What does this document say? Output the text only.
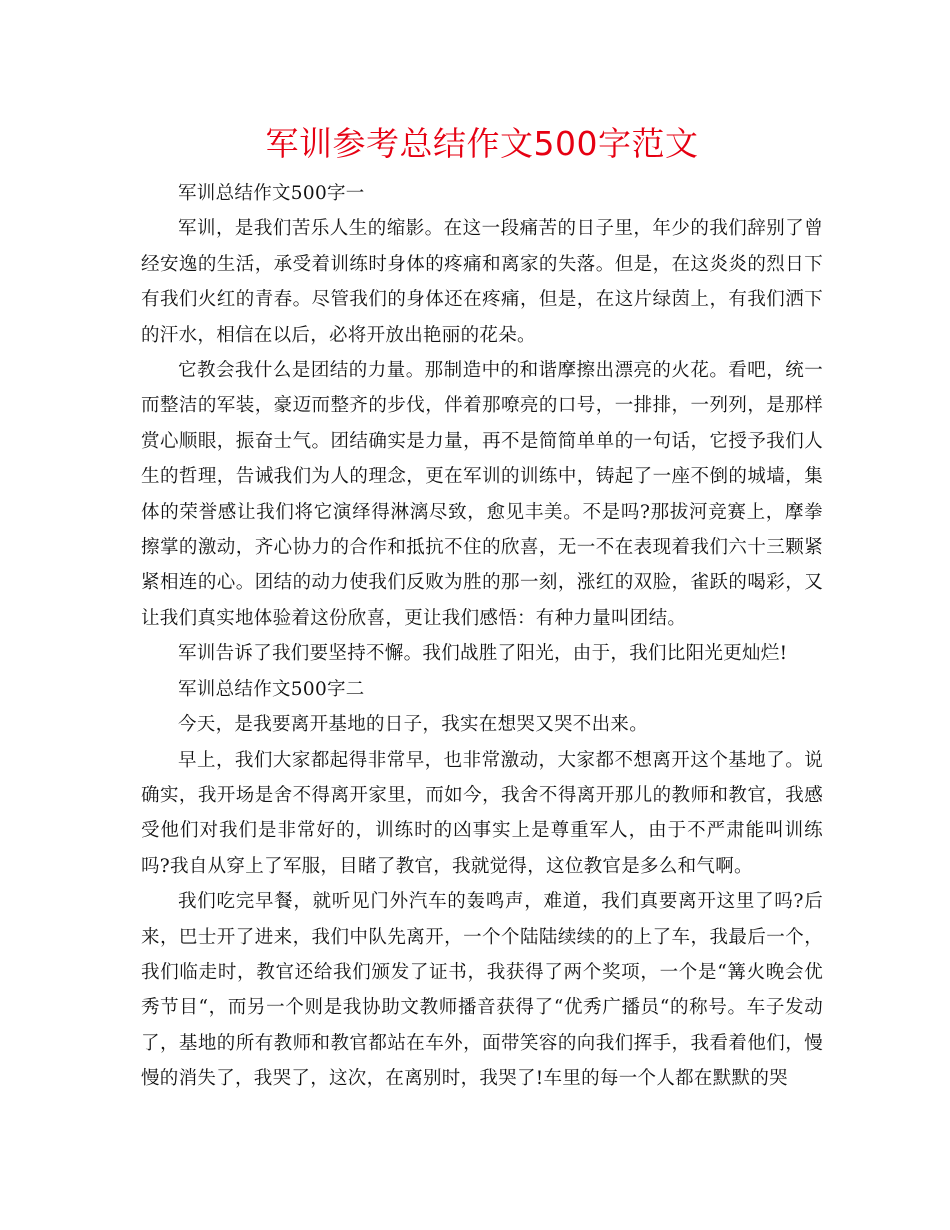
军训参考总结作文500字范文

军训总结作文500字一

军训，是我们苦乐人生的缩影。在这一段痛苦的日子里，年少的我们辞别了曾经安逸的生活，承受着训练时身体的疼痛和离家的失落。但是，在这炎炎的烈日下有我们火红的青春。尽管我们的身体还在疼痛，但是，在这片绿茵上，有我们洒下的汗水，相信在以后，必将开放出艳丽的花朵。

它教会我什么是团结的力量。那制造中的和谐摩擦出漂亮的火花。看吧，统一而整洁的军装，豪迈而整齐的步伐，伴着那嘹亮的口号，一排排，一列列，是那样赏心顺眼，振奋士气。团结确实是力量，再不是简简单单的一句话，它授予我们人生的哲理，告诫我们为人的理念，更在军训的训练中，铸起了一座不倒的城墙，集体的荣誉感让我们将它演绎得淋漓尽致，愈见丰美。不是吗?那拔河竞赛上，摩拳擦掌的激动，齐心协力的合作和抵抗不住的欣喜，无一不在表现着我们六十三颗紧紧相连的心。团结的动力使我们反败为胜的那一刻，涨红的双脸，雀跃的喝彩，又让我们真实地体验着这份欣喜，更让我们感悟：有种力量叫团结。

军训告诉了我们要坚持不懈。我们战胜了阳光，由于，我们比阳光更灿烂!

军训总结作文500字二

今天，是我要离开基地的日子，我实在想哭又哭不出来。

早上，我们大家都起得非常早，也非常激动，大家都不想离开这个基地了。说确实，我开场是舍不得离开家里，而如今，我舍不得离开那儿的教师和教官，我感受他们对我们是非常好的，训练时的凶事实上是尊重军人，由于不严肃能叫训练吗?我自从穿上了军服，目睹了教官，我就觉得，这位教官是多么和气啊。

我们吃完早餐，就听见门外汽车的轰鸣声，难道，我们真要离开这里了吗?后来，巴士开了进来，我们中队先离开，一个个陆陆续续的的上了车，我最后一个，我们临走时，教官还给我们颁发了证书，我获得了两个奖项，一个是“篝火晚会优秀节目“，而另一个则是我协助文教师播音获得了“优秀广播员“的称号。车子发动了，基地的所有教师和教官都站在车外，面带笑容的向我们挥手，我看着他们，慢慢的消失了，我哭了，这次，在离别时，我哭了!车里的每一个人都在默默的哭
